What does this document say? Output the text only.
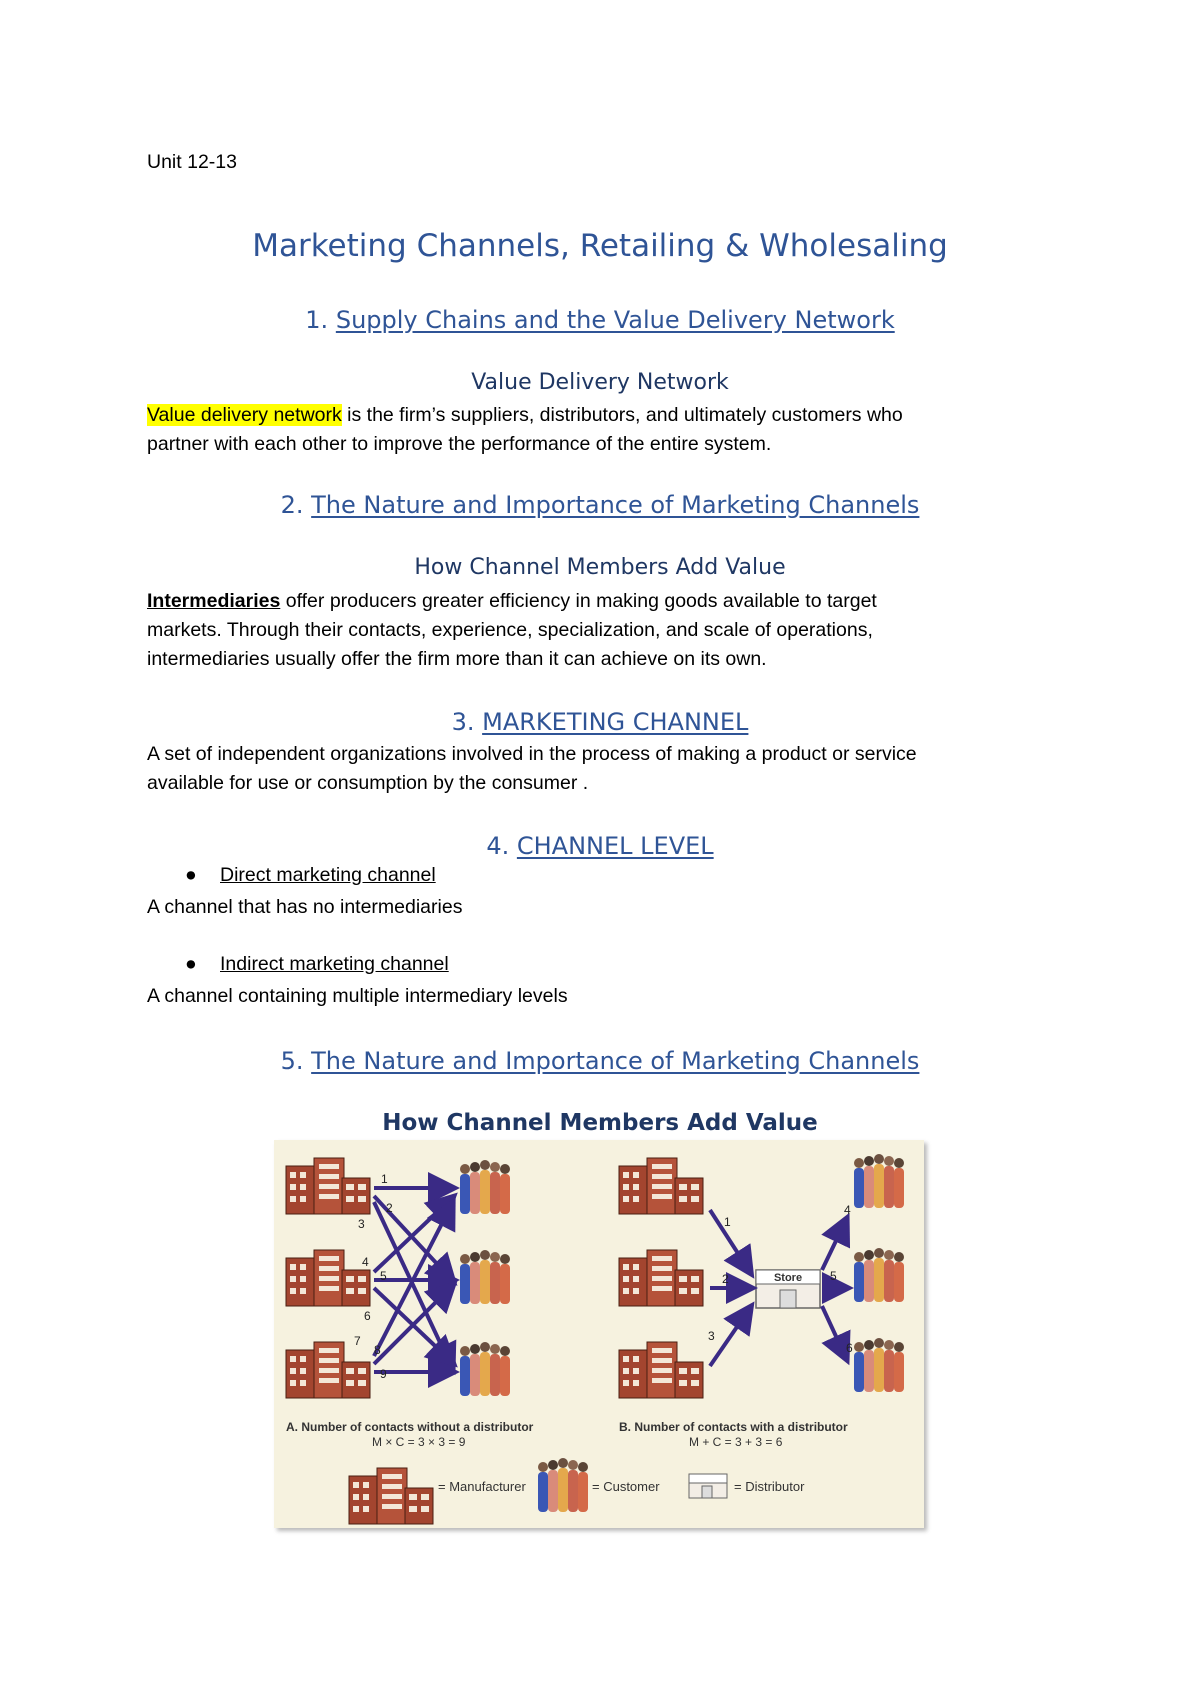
Unit 12-13
Marketing Channels, Retailing & Wholesaling
1. Supply Chains and the Value Delivery Network
Value Delivery Network
Value delivery network is the firm’s suppliers, distributors, and ultimately customers who
partner with each other to improve the performance of the entire system.
2. The Nature and Importance of Marketing Channels
How Channel Members Add Value
Intermediaries offer producers greater efficiency in making goods available to target
markets. Through their contacts, experience, specialization, and scale of operations,
intermediaries usually offer the firm more than it can achieve on its own.
3. MARKETING CHANNEL
A set of independent organizations involved in the process of making a product or service
available for use or consumption by the consumer .
4. CHANNEL LEVEL
● Direct marketing channel
A channel that has no intermediaries
● Indirect marketing channel
A channel containing multiple intermediary levels
5. The Nature and Importance of Marketing Channels
How Channel Members Add Value
1
2
3
4
5
6
7
8
9
Store
1
2
3
4
5
6
A. Number of contacts without a distributor
M × C = 3 × 3 = 9
B. Number of contacts with a distributor
M + C = 3 + 3 = 6
= Manufacturer	= Customer	= Distributor
